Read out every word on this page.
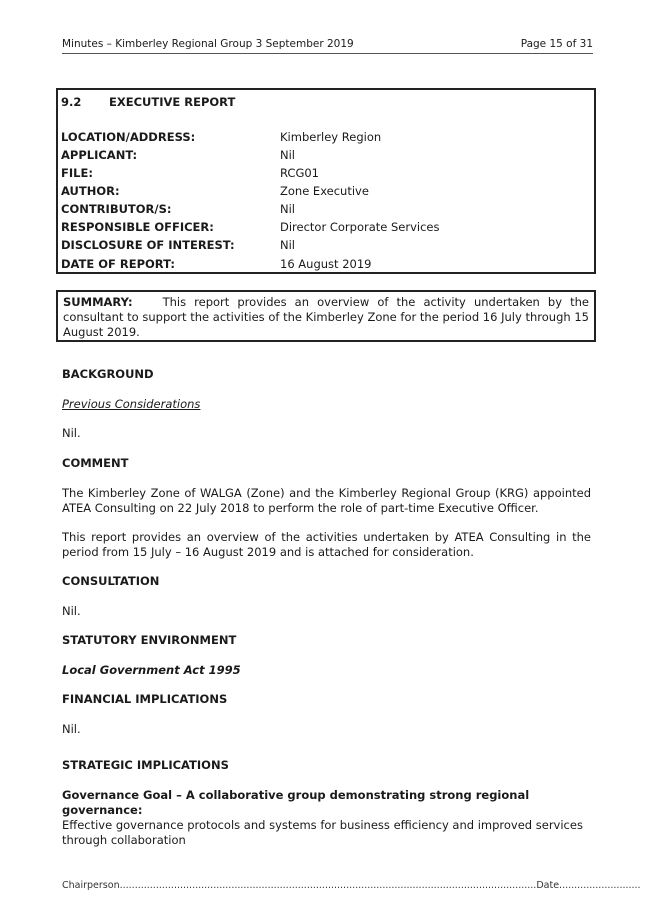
Minutes – Kimberley Regional Group 3 September 2019	Page 15 of 31
9.2 EXECUTIVE REPORT
LOCATION/ADDRESS:	Kimberley Region
APPLICANT:	Nil
FILE:	RCG01
AUTHOR:	Zone Executive
CONTRIBUTOR/S:	Nil
RESPONSIBLE OFFICER:	Director Corporate Services
DISCLOSURE OF INTEREST:	Nil
DATE OF REPORT:	16 August 2019
SUMMARY:	This report provides an overview of the activity undertaken by the consultant to support the activities of the Kimberley Zone for the period 16 July through 15 August 2019.
BACKGROUND
Previous Considerations
Nil.
COMMENT
The Kimberley Zone of WALGA (Zone) and the Kimberley Regional Group (KRG) appointed ATEA Consulting on 22 July 2018 to perform the role of part-time Executive Officer.
This report provides an overview of the activities undertaken by ATEA Consulting in the period from 15 July – 16 August 2019 and is attached for consideration.
CONSULTATION
Nil.
STATUTORY ENVIRONMENT
Local Government Act 1995
FINANCIAL IMPLICATIONS
Nil.
STRATEGIC IMPLICATIONS
Governance Goal – A collaborative group demonstrating strong regional governance:
Effective governance protocols and systems for business efficiency and improved services through collaboration
Chairperson..........................................................................................................................................Date...........................
